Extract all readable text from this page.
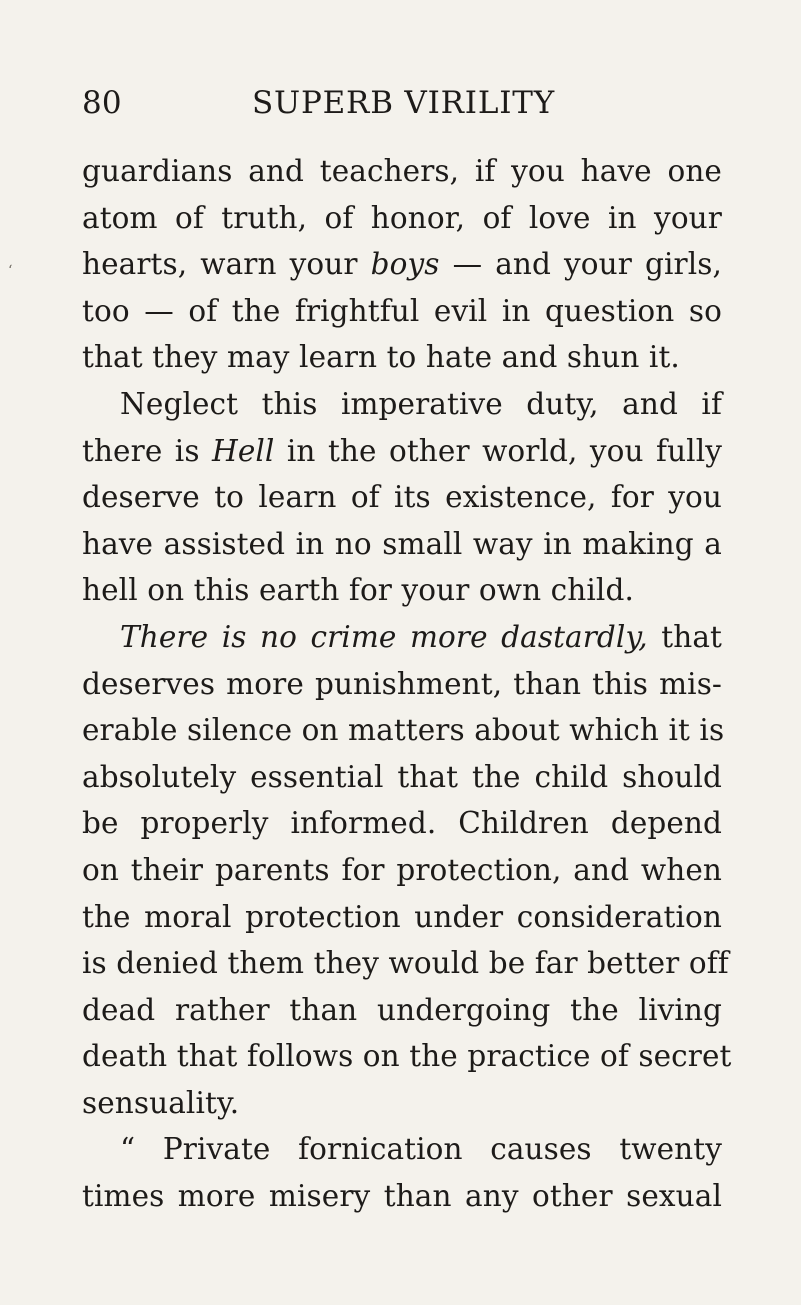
ʻ
80	SUPERB VIRILITY
guardians and teachers, if you have one
atom of truth, of honor, of love in your
hearts, warn your boys — and your girls,
too — of the frightful evil in question so
that they may learn to hate and shun it.
Neglect this imperative duty, and if
there is Hell in the other world, you fully
deserve to learn of its existence, for you
have assisted in no small way in making a
hell on this earth for your own child.
There is no crime more dastardly, that
deserves more punishment, than this mis-
erable silence on matters about which it is
absolutely essential that the child should
be properly informed. Children depend
on their parents for protection, and when
the moral protection under consideration
is denied them they would be far better off
dead rather than undergoing the living
death that follows on the practice of secret
sensuality.
“ Private fornication causes twenty
times more misery than any other sexual
